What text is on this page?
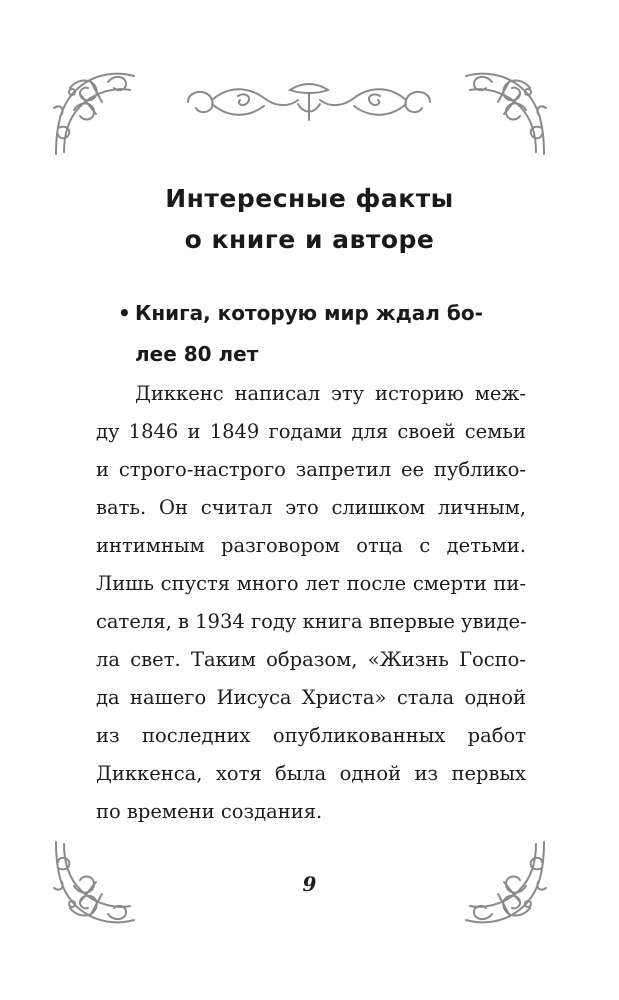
Интересные факты
о книге и авторе
• Книга, которую мир ждал бо-
лее 80 лет
Диккенс написал эту историю меж-
ду 1846 и 1849 годами для своей семьи
и строго-настрого запретил ее публико-
вать. Он считал это слишком личным,
интимным разговором отца с детьми.
Лишь спустя много лет после смерти пи-
сателя, в 1934 году книга впервые увиде-
ла свет. Таким образом, «Жизнь Госпо-
да нашего Иисуса Христа» стала одной
из последних опубликованных работ
Диккенса, хотя была одной из первых
по времени создания.
9
